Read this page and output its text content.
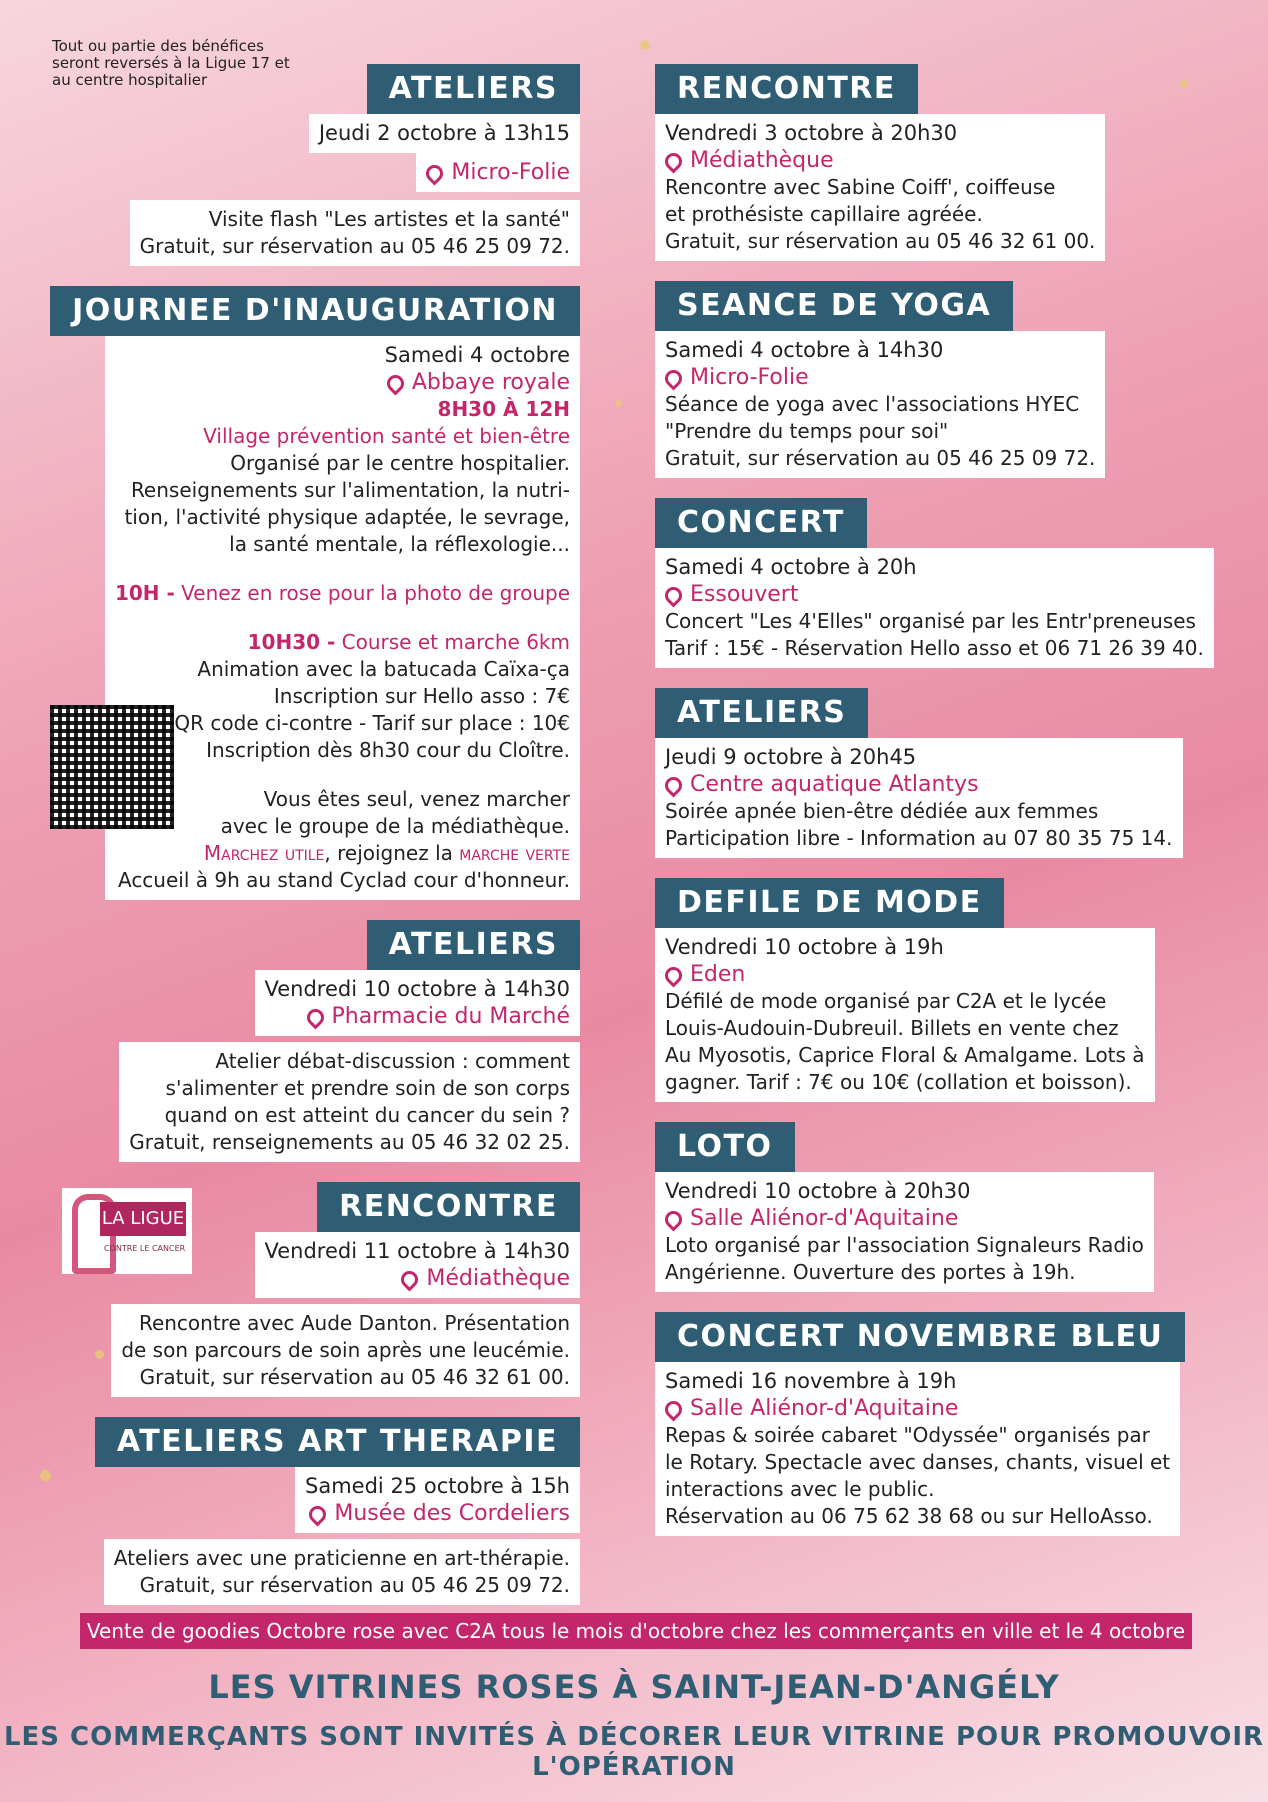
Tout ou partie des bénéfices seront reversés à la Ligue 17 et au centre hospitalier	ATELIERS
Jeudi 2 octobre à 13h15
Micro-Folie
Visite flash "Les artistes et la santé"
Gratuit, sur réservation au 05 46 25 09 72.
JOURNEE D'INAUGURATION
Samedi 4 octobre
Abbaye royale
8H30 À 12H
Village prévention santé et bien-être
Organisé par le centre hospitalier.
Renseignements sur l'alimentation, la nutri-
tion, l'activité physique adaptée, le sevrage,
la santé mentale, la réflexologie...
10H - Venez en rose pour la photo de groupe
10H30 - Course et marche 6km
Animation avec la batucada Caïxa-ça
Inscription sur Hello asso : 7€
QR code ci-contre - Tarif sur place : 10€
Inscription dès 8h30 cour du Cloître.
Vous êtes seul, venez marcher
avec le groupe de la médiathèque.
Marchez utile, rejoignez la marche verte
Accueil à 9h au stand Cyclad cour d'honneur.
ATELIERS
Vendredi 10 octobre à 14h30
Pharmacie du Marché
Atelier débat-discussion : comment
s'alimenter et prendre soin de son corps
quand on est atteint du cancer du sein ?
Gratuit, renseignements au 05 46 32 02 25.
RENCONTRE
Vendredi 11 octobre à 14h30
Médiathèque
Rencontre avec Aude Danton. Présentation
de son parcours de soin après une leucémie.
Gratuit, sur réservation au 05 46 32 61 00.
ATELIERS ART THERAPIE
Samedi 25 octobre à 15h
Musée des Cordeliers
Ateliers avec une praticienne en art-thérapie.
Gratuit, sur réservation au 05 46 25 09 72.
RENCONTRE
Vendredi 3 octobre à 20h30
Médiathèque
Rencontre avec Sabine Coiff', coiffeuse
et prothésiste capillaire agréée.
Gratuit, sur réservation au 05 46 32 61 00.
SEANCE DE YOGA
Samedi 4 octobre à 14h30
Micro-Folie
Séance de yoga avec l'associations HYEC
"Prendre du temps pour soi"
Gratuit, sur réservation au 05 46 25 09 72.
CONCERT
Samedi 4 octobre à 20h
Essouvert
Concert "Les 4'Elles" organisé par les Entr'preneuses
Tarif : 15€ - Réservation Hello asso et 06 71 26 39 40.
ATELIERS
Jeudi 9 octobre à 20h45
Centre aquatique Atlantys
Soirée apnée bien-être dédiée aux femmes
Participation libre - Information au 07 80 35 75 14.
DEFILE DE MODE
Vendredi 10 octobre à 19h
Eden
Défilé de mode organisé par C2A et le lycée
Louis-Audouin-Dubreuil. Billets en vente chez
Au Myosotis, Caprice Floral & Amalgame. Lots à
gagner. Tarif : 7€ ou 10€ (collation et boisson).
LOTO
Vendredi 10 octobre à 20h30
Salle Aliénor-d'Aquitaine
Loto organisé par l'association Signaleurs Radio
Angérienne. Ouverture des portes à 19h.
CONCERT NOVEMBRE BLEU
Samedi 16 novembre à 19h
Salle Aliénor-d'Aquitaine
Repas & soirée cabaret "Odyssée" organisés par
le Rotary. Spectacle avec danses, chants, visuel et
interactions avec le public.
Réservation au 06 75 62 38 68 ou sur HelloAsso.
LA LIGUE
CONTRE LE CANCER
Vente de goodies Octobre rose avec C2A tous le mois d'octobre chez les commerçants en ville et le 4 octobre
LES VITRINES ROSES À SAINT-JEAN-D'ANGÉLY
LES COMMERÇANTS SONT INVITÉS À DÉCORER LEUR VITRINE POUR PROMOUVOIR L'OPÉRATION
